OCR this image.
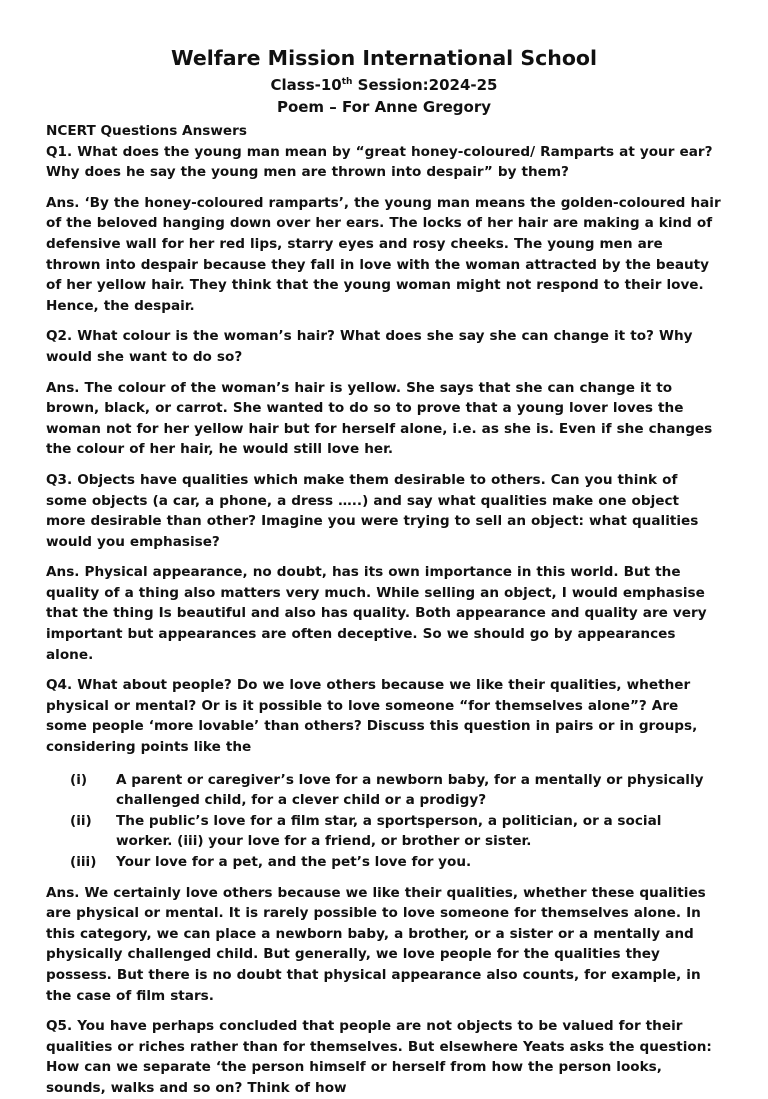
Welfare Mission International School
Class-10th Session:2024-25
Poem – For Anne Gregory
NCERT Questions Answers

Q1. What does the young man mean by “great honey-coloured/ Ramparts at your ear? Why does he say the young men are thrown into despair” by them?

Ans. ‘By the honey-coloured ramparts’, the young man means the golden-coloured hair of the beloved hanging down over her ears. The locks of her hair are making a kind of defensive wall for her red lips, starry eyes and rosy cheeks. The young men are thrown into despair because they fall in love with the woman attracted by the beauty of her yellow hair. They think that the young woman might not respond to their love. Hence, the despair.

Q2. What colour is the woman’s hair? What does she say she can change it to? Why would she want to do so?

Ans. The colour of the woman’s hair is yellow. She says that she can change it to brown, black, or carrot. She wanted to do so to prove that a young lover loves the woman not for her yellow hair but for herself alone, i.e. as she is. Even if she changes the colour of her hair, he would still love her.

Q3. Objects have qualities which make them desirable to others. Can you think of some objects (a car, a phone, a dress …..) and say what qualities make one object more desirable than other? Imagine you were trying to sell an object: what qualities would you emphasise?

Ans. Physical appearance, no doubt, has its own importance in this world. But the quality of a thing also matters very much. While selling an object, I would emphasise that the thing Is beautiful and also has quality. Both appearance and quality are very important but appearances are often deceptive. So we should go by appearances alone.

Q4. What about people? Do we love others because we like their qualities, whether physical or mental? Or is it possible to love someone “for themselves alone”? Are some people ‘more lovable’ than others? Discuss this question in pairs or in groups, considering points like the

(i)	A parent or caregiver’s love for a newborn baby, for a mentally or physically challenged child, for a clever child or a prodigy?
(ii)	The public’s love for a film star, a sportsperson, a politician, or a social worker. (iii) your love for a friend, or brother or sister.
(iii)	Your love for a pet, and the pet’s love for you.

Ans. We certainly love others because we like their qualities, whether these qualities are physical or mental. It is rarely possible to love someone for themselves alone. In this category, we can place a newborn baby, a brother, or a sister or a mentally and physically challenged child. But generally, we love people for the qualities they possess. But there is no doubt that physical appearance also counts, for example, in the case of film stars.

Q5. You have perhaps concluded that people are not objects to be valued for their qualities or riches rather than for themselves. But elsewhere Yeats asks the question: How can we separate ‘the person himself or herself from how the person looks, sounds, walks and so on? Think of how
